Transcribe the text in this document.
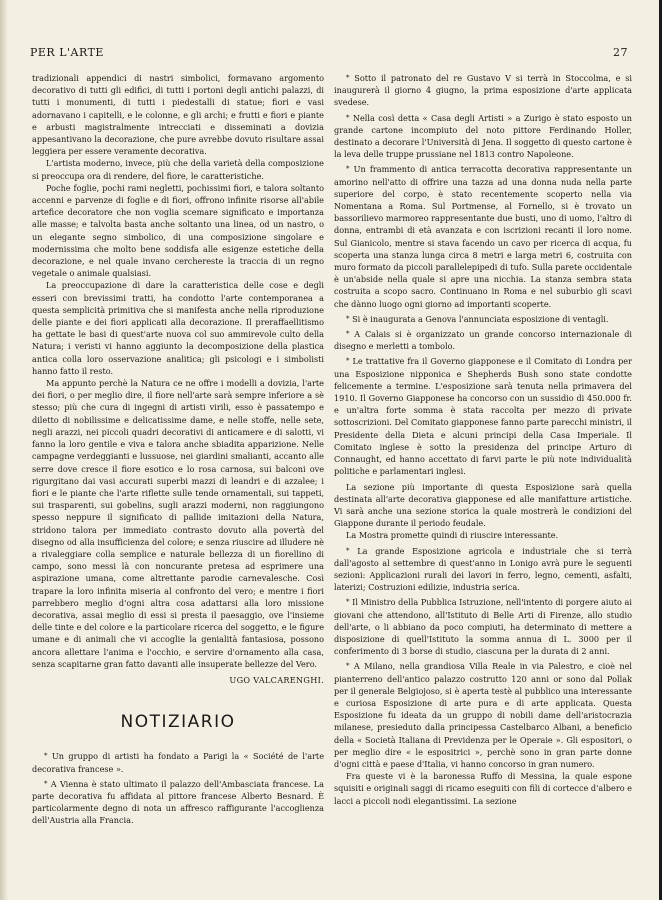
PER L'ARTE	27

tradizionali appendici di nastri simbolici, formavano argomento decorativo di tutti gli edifici, di tutti i portoni degli antichi palazzi, di tutti i monumenti, di tutti i piedestalli di statue; fiori e vasi adornavano i capitelli, e le colonne, e gli archi; e frutti e fiori e piante e arbusti magistralmente intrecciati e disseminati a dovizia appesantivano la decorazione, che pure avrebbe dovuto risultare assai leggiera per essere veramente decorativa.

L'artista moderno, invece, più che della varietà della composizione si preoccupa ora di rendere, del fiore, le caratteristiche.

Poche foglie, pochi rami negletti, pochissimi fiori, e talora soltanto accenni e parvenze di foglie e di fiori, offrono infinite risorse all'abile artefice decoratore che non voglia scemare significato e importanza alle masse; e talvolta basta anche soltanto una linea, od un nastro, o un elegante segno simbolico, di una composizione singolare e modernissima che molto bene soddisfa alle esigenze estetiche della decorazione, e nel quale invano cerchereste la traccia di un regno vegetale o animale qualsiasi.

La preoccupazione di dare la caratteristica delle cose e degli esseri con brevissimi tratti, ha condotto l'arte contemporanea a questa semplicità primitiva che si manifesta anche nella riproduzione delle piante e dei fiori applicati alla decorazione. Il preraffaellitismo ha gettate le basi di quest'arte nuova col suo ammirevole culto della Natura; i veristi vi hanno aggiunto la decomposizione della plastica antica colla loro osservazione analitica; gli psicologi e i simbolisti hanno fatto il resto.

Ma appunto perchè la Natura ce ne offre i modelli a dovizia, l'arte dei fiori, o per meglio dire, il fiore nell'arte sarà sempre inferiore a sè stesso; più che cura di ingegni di artisti virili, esso è passatempo e diletto di nobilissime e delicatissime dame, e nelle stoffe, nelle sete, negli arazzi, nei piccoli quadri decorativi di anticamere e di salotti, vi fanno la loro gentile e viva e talora anche sbiadita apparizione. Nelle campagne verdeggianti e lussuose, nei giardini smalianti, accanto alle serre dove cresce il fiore esotico e lo rosa carnosa, sui balconi ove rigurgitano dai vasi accurati superbi mazzi di leandri e di azzalee; i fiori e le piante che l'arte riflette sulle tende ornamentali, sui tappeti, sui trasparenti, sui gobelins, sugli arazzi moderni, non raggiungono spesso neppure il significato di pallide imitazioni della Natura, stridono talora per immediato contrasto dovuto alla povertà del disegno od alla insufficienza del colore; e senza riuscire ad illudere nè a rivaleggiare colla semplice e naturale bellezza di un fiorellino di campo, sono messi là con noncurante pretesa ad esprimere una aspirazione umana, come altrettante parodie carnevalesche. Così trapare la loro infinita miseria al confronto del vero; e mentre i fiori parrebbero meglio d'ogni altra cosa adattarsi alla loro missione decorativa, assai meglio di essi si presta il paesaggio, ove l'insieme delle tinte e del colore e la particolare ricerca del soggetto, e le figure umane e di animali che vi accoglie la genialità fantasiosa, possono ancora allettare l'anima e l'occhio, e servire d'ornamento alla casa, senza scapitarne gran fatto davanti alle insuperate bellezze del Vero.

UGO VALCARENGHI.
NOTIZIARIO

* Un gruppo di artisti ha fondato a Parigi la « Société de l'arte decorativa francese ».

* A Vienna è stato ultimato il palazzo dell'Ambasciata francese. La parte decorativa fu affidata al pittore francese Alberto Besnard. È particolarmente degno di nota un affresco raffigurante l'accoglienza dell'Austria alla Francia.

* Sotto il patronato del re Gustavo V si terrà in Stoccolma, e si inaugurerà il giorno 4 giugno, la prima esposizione d'arte applicata svedese.

* Nella così detta « Casa degli Artisti » a Zurigo è stato esposto un grande cartone incompiuto del noto pittore Ferdinando Holler, destinato a decorare l'Università di Jena. Il soggetto di questo cartone è la leva delle truppe prussiane nel 1813 contro Napoleone.

* Un frammento di antica terracotta decorativa rappresentante un amorino nell'atto di offrire una tazza ad una donna nuda nella parte superiore del corpo, è stato recentemente scoperto nella via Nomentana a Roma. Sul Portmense, al Fornello, si è trovato un bassorilievo marmoreo rappresentante due busti, uno di uomo, l'altro di donna, entrambi di età avanzata e con iscrizioni recanti il loro nome. Sul Gianicolo, mentre si stava facendo un cavo per ricerca di acqua, fu scoperta una stanza lunga circa 8 metri e larga metri 6, costruita con muro formato da piccoli parallelepipedi di tufo. Sulla parete occidentale è un'abside nella quale si apre una nicchia. La stanza sembra stata costruita a scopo sacro. Continuano in Roma e nel suburbio gli scavi che dànno luogo ogni giorno ad importanti scoperte.

* Si è inaugurata a Genova l'annunciata esposizione di ventagli.

* A Calais si è organizzato un grande concorso internazionale di disegno e merletti a tombolo.

* Le trattative fra il Governo giapponese e il Comitato di Londra per una Esposizione nipponica e Shepherds Bush sono state condotte felicemente a termine. L'esposizione sarà tenuta nella primavera del 1910. Il Governo Giapponese ha concorso con un sussidio di 450.000 fr. e un'altra forte somma è stata raccolta per mezzo di private sottoscrizioni. Del Comitato giapponese fanno parte parecchi ministri, il Presidente della Dieta e alcuni principi della Casa Imperiale. Il Comitato inglese è sotto la presidenza del principe Arturo di Connaught, ed hanno accettato di farvi parte le più note individualità politiche e parlamentari inglesi.

La sezione più importante di questa Esposizione sarà quella destinata all'arte decorativa giapponese ed alle manifatture artistiche. Vi sarà anche una sezione storica la quale mostrerà le condizioni del Giappone durante il periodo feudale.

La Mostra promette quindi di riuscire interessante.

* La grande Esposizione agricola e industriale che si terrà dall'agosto al settembre di quest'anno in Lonigo avrà pure le seguenti sezioni: Applicazioni rurali dei lavori in ferro, legno, cementi, asfalti, laterizi; Costruzioni edilizie, industria serica.

* Il Ministro della Pubblica Istruzione, nell'intento di porgere aiuto ai giovani che attendono, all'Istituto di Belle Arti di Firenze, allo studio dell'arte, o li abbiano da poco compiuti, ha determinato di mettere a disposizione di quell'Istituto la somma annua di L. 3000 per il conferimento di 3 borse di studio, ciascuna per la durata di 2 anni.

* A Milano, nella grandiosa Villa Reale in via Palestro, e cioè nel pianterreno dell'antico palazzo costrutto 120 anni or sono dal Pollak per il generale Belgiojoso, si è aperta testè al pubblico una interessante e curiosa Esposizione di arte pura e di arte applicata. Questa Esposizione fu ideata da un gruppo di nobili dame dell'aristocrazia milanese, presieduto dalla principessa Castelbarco Albani, a beneficio della « Società Italiana di Previdenza per le Operaie ». Gli espositori, o per meglio dire « le espositrici », perchè sono in gran parte donne d'ogni città e paese d'Italia, vi hanno concorso in gran numero.

Fra queste vi è la baronessa Ruffo di Messina, la quale espone squisiti e originali saggi di ricamo eseguiti con fili di cortecce d'albero e lacci a piccoli nodi elegantissimi. La sezione
